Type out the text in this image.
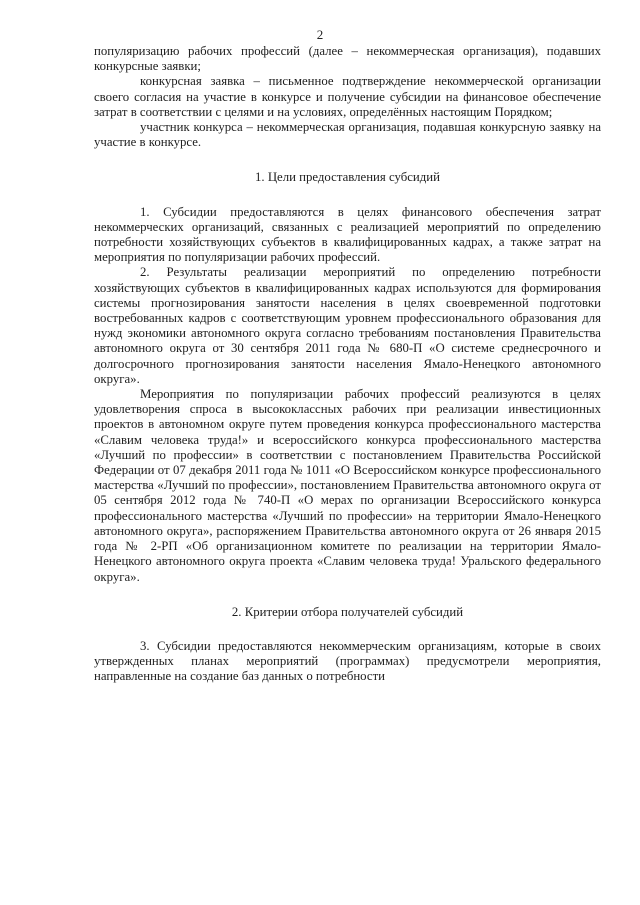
2

популяризацию рабочих профессий (далее – некоммерческая организация), подавших конкурсные заявки;

конкурсная заявка – письменное подтверждение некоммерческой организации своего согласия на участие в конкурсе и получение субсидии на финансовое обеспечение затрат в соответствии с целями и на условиях, определённых настоящим Порядком;

участник конкурса – некоммерческая организация, подавшая конкурсную заявку на участие в конкурсе.

1. Цели предоставления субсидий

1. Субсидии предоставляются в целях финансового обеспечения затрат некоммерческих организаций, связанных с реализацией мероприятий по определению потребности хозяйствующих субъектов в квалифицированных кадрах, а также затрат на мероприятия по популяризации рабочих профессий.

2. Результаты реализации мероприятий по определению потребности хозяйствующих субъектов в квалифицированных кадрах используются для формирования системы прогнозирования занятости населения в целях своевременной подготовки востребованных кадров с соответствующим уровнем профессионального образования для нужд экономики автономного округа согласно требованиям постановления Правительства автономного округа от 30 сентября 2011 года № 680-П «О системе среднесрочного и долгосрочного прогнозирования занятости населения Ямало-Ненецкого автономного округа».

Мероприятия по популяризации рабочих профессий реализуются в целях удовлетворения спроса в высококлассных рабочих при реализации инвестиционных проектов в автономном округе путем проведения конкурса профессионального мастерства «Славим человека труда!» и всероссийского конкурса профессионального мастерства «Лучший по профессии» в соответствии с постановлением Правительства Российской Федерации от 07 декабря 2011 года № 1011 «О Всероссийском конкурсе профессионального мастерства «Лучший по профессии», постановлением Правительства автономного округа от 05 сентября 2012 года № 740-П «О мерах по организации Всероссийского конкурса профессионального мастерства «Лучший по профессии» на территории Ямало-Ненецкого автономного округа», распоряжением Правительства автономного округа от 26 января 2015 года № 2-РП «Об организационном комитете по реализации на территории Ямало-Ненецкого автономного округа проекта «Славим человека труда! Уральского федерального округа».

2. Критерии отбора получателей субсидий

3. Субсидии предоставляются некоммерческим организациям, которые в своих утвержденных планах мероприятий (программах) предусмотрели мероприятия, направленные на создание баз данных о потребности
